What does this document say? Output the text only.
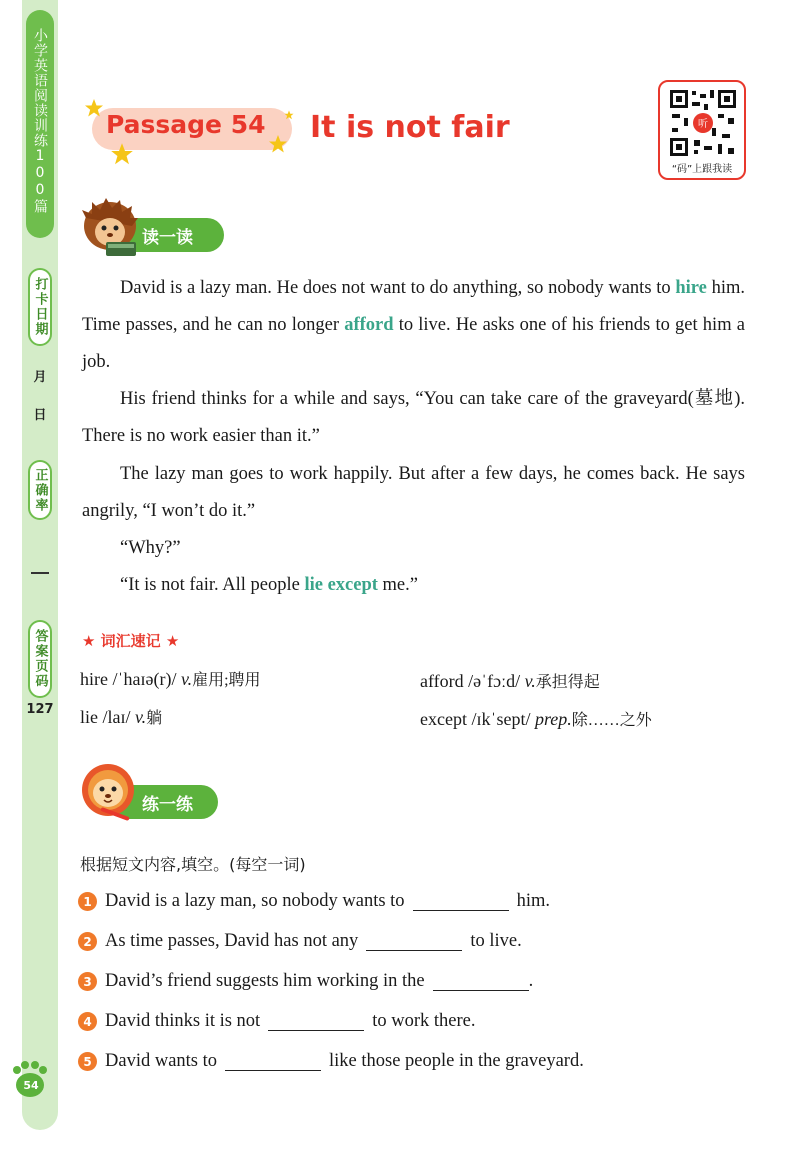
小学英语阅读训练100篇
打卡日期
月
日
正确率
答案页码
127
54
Passage 54 It is not fair	听
“码”上跟我读
读一读
David is a lazy man. He does not want to do anything, so nobody wants to hire him. Time passes, and he can no longer afford to live. He asks one of his friends to get him a job.
His friend thinks for a while and says, “You can take care of the graveyard(墓地). There is no work easier than it.”
The lazy man goes to work happily. But after a few days, he comes back. He says angrily, “I won’t do it.”
“Why?”
“It is not fair. All people lie except me.”
★ 词汇速记 ★
hire /ˈhaɪə(r)/ v.雇用;聘用	afford /əˈfɔːd/ v.承担得起
lie /laɪ/ v.躺	except /ɪkˈsept/ prep.除……之外
练一练
根据短文内容,填空。(每空一词)
1 David is a lazy man, so nobody wants to	him.
2 As time passes, David has not any	to live.
3 David’s friend suggests him working in the	.
4 David thinks it is not	to work there.
5 David wants to	like those people in the graveyard.
